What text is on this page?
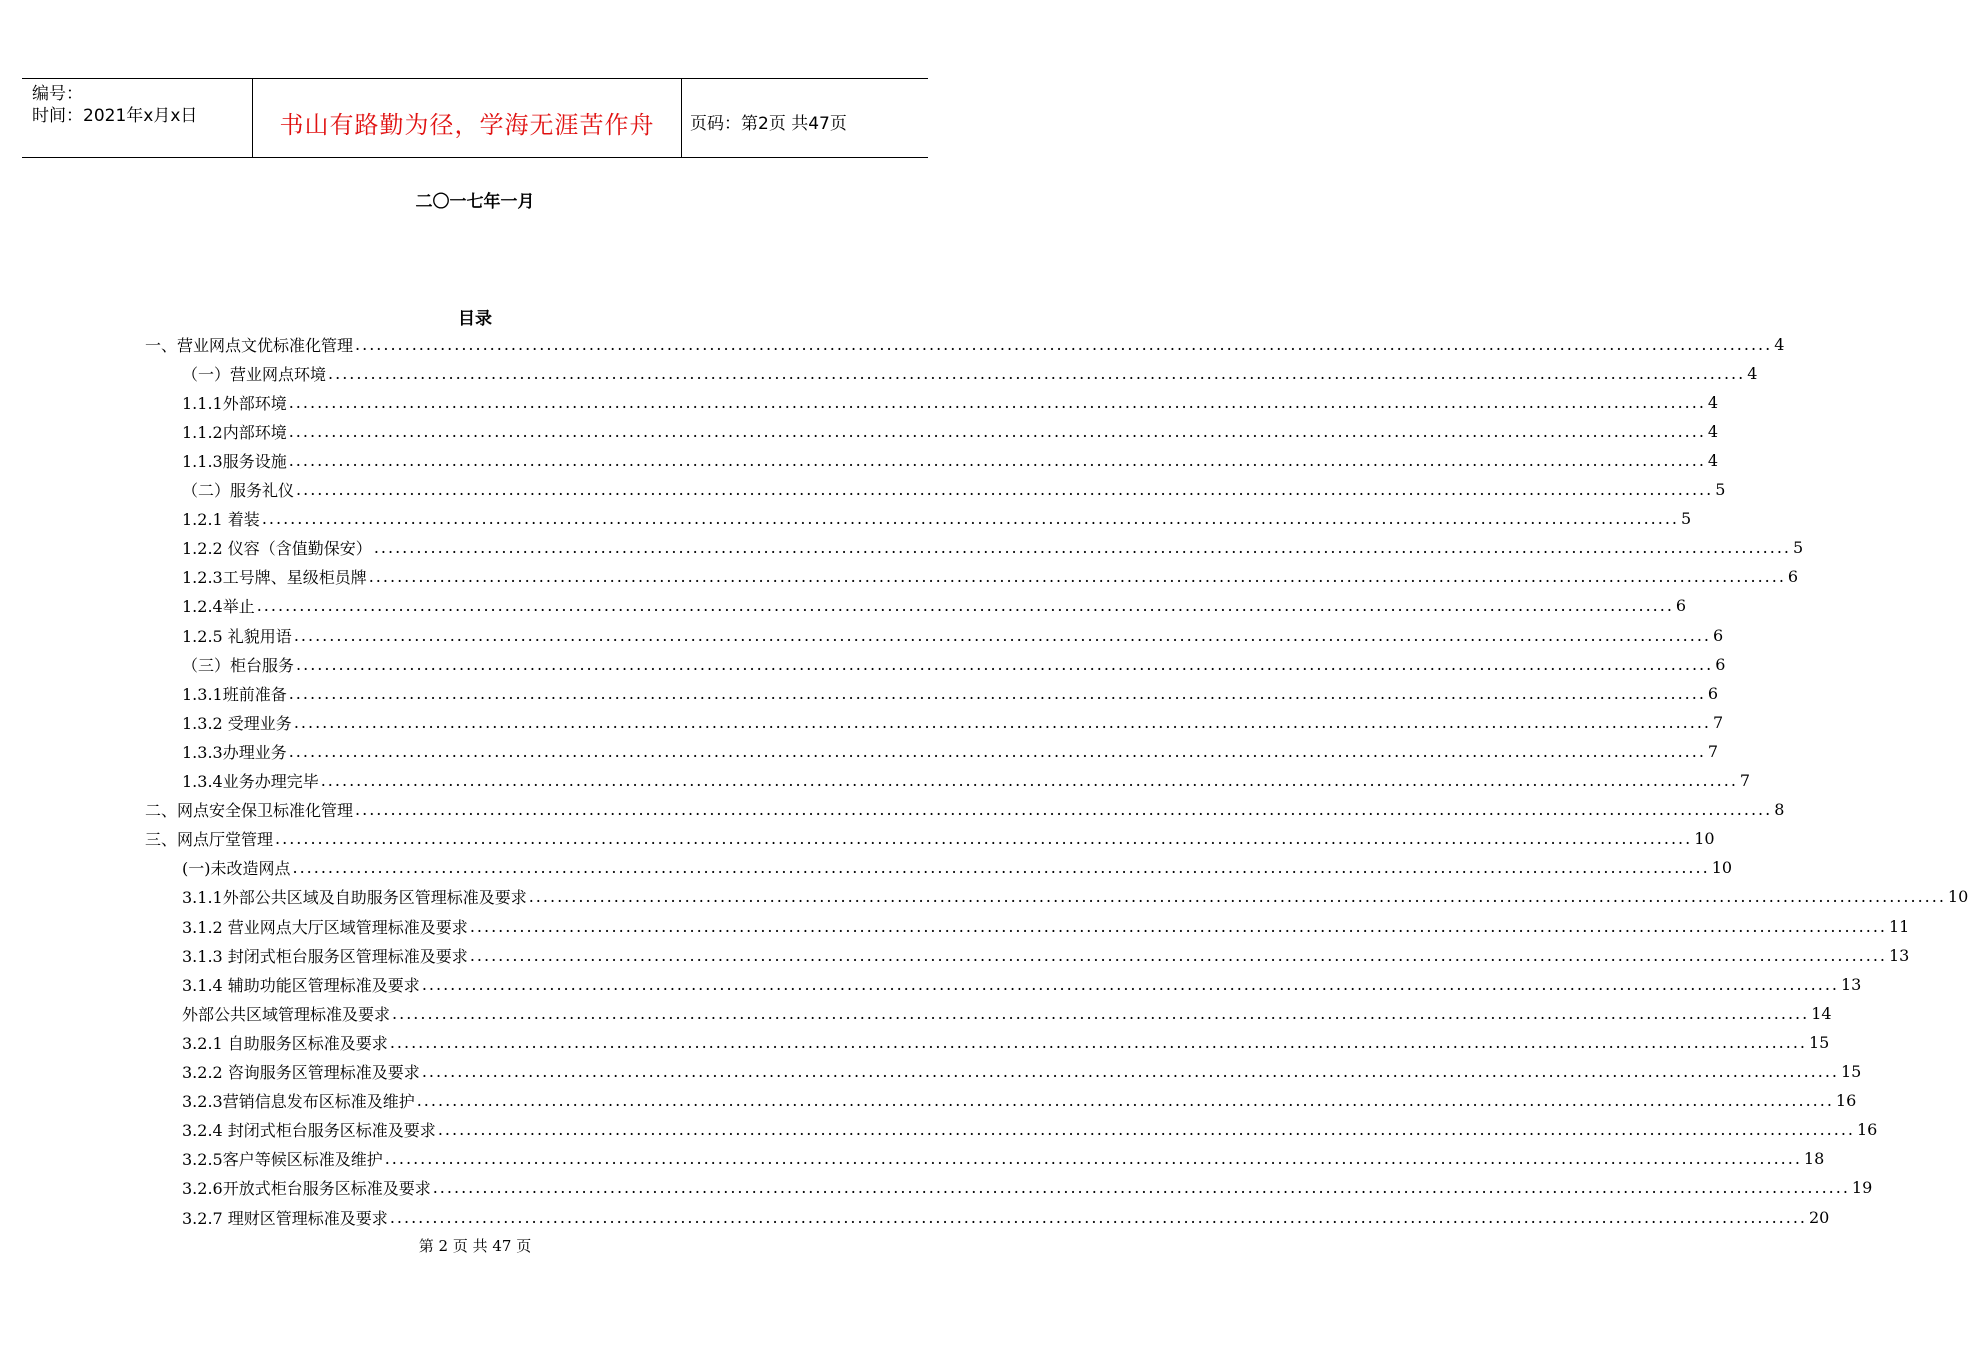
编号：
时间：2021年x月x日	书山有路勤为径，学海无涯苦作舟	页码：第2页 共47页
二〇一七年一月
目录
一、 营业网点文优标准化管理 ........................................................................................................................................................................................................ 4
（一）营业网点环境 ........................................................................................................................................................................................................ 4
1.1.1外部环境 ........................................................................................................................................................................................................ 4
1.1.2内部环境 ........................................................................................................................................................................................................ 4
1.1.3服务设施 ........................................................................................................................................................................................................ 4
（二）服务礼仪 ........................................................................................................................................................................................................ 5
1.2.1 着装 ........................................................................................................................................................................................................ 5
1.2.2 仪容（含值勤保安） ........................................................................................................................................................................................................ 5
1.2.3工号牌、星级柜员牌 ........................................................................................................................................................................................................ 6
1.2.4举止 ........................................................................................................................................................................................................ 6
1.2.5 礼貌用语 ........................................................................................................................................................................................................ 6
（三）柜台服务 ........................................................................................................................................................................................................ 6
1.3.1班前准备 ........................................................................................................................................................................................................ 6
1.3.2 受理业务 ........................................................................................................................................................................................................ 7
1.3.3办理业务 ........................................................................................................................................................................................................ 7
1.3.4业务办理完毕 ........................................................................................................................................................................................................ 7
二、网点安全保卫标准化管理 ........................................................................................................................................................................................................ 8
三、网点厅堂管理 ........................................................................................................................................................................................................ 10
(一)未改造网点 ........................................................................................................................................................................................................ 10
3.1.1外部公共区域及自助服务区管理标准及要求 ........................................................................................................................................................................................................ 10
3.1.2 营业网点大厅区域管理标准及要求 ........................................................................................................................................................................................................ 11
3.1.3 封闭式柜台服务区管理标准及要求 ........................................................................................................................................................................................................ 13
3.1.4 辅助功能区管理标准及要求 ........................................................................................................................................................................................................ 13
外部公共区域管理标准及要求 ........................................................................................................................................................................................................ 14
3.2.1 自助服务区标准及要求 ........................................................................................................................................................................................................ 15
3.2.2 咨询服务区管理标准及要求 ........................................................................................................................................................................................................ 15
3.2.3营销信息发布区标准及维护 ........................................................................................................................................................................................................ 16
3.2.4 封闭式柜台服务区标准及要求 ........................................................................................................................................................................................................ 16
3.2.5客户等候区标准及维护 ........................................................................................................................................................................................................ 18
3.2.6开放式柜台服务区标准及要求 ........................................................................................................................................................................................................ 19
3.2.7 理财区管理标准及要求 ........................................................................................................................................................................................................ 20
第 2 页 共 47 页
